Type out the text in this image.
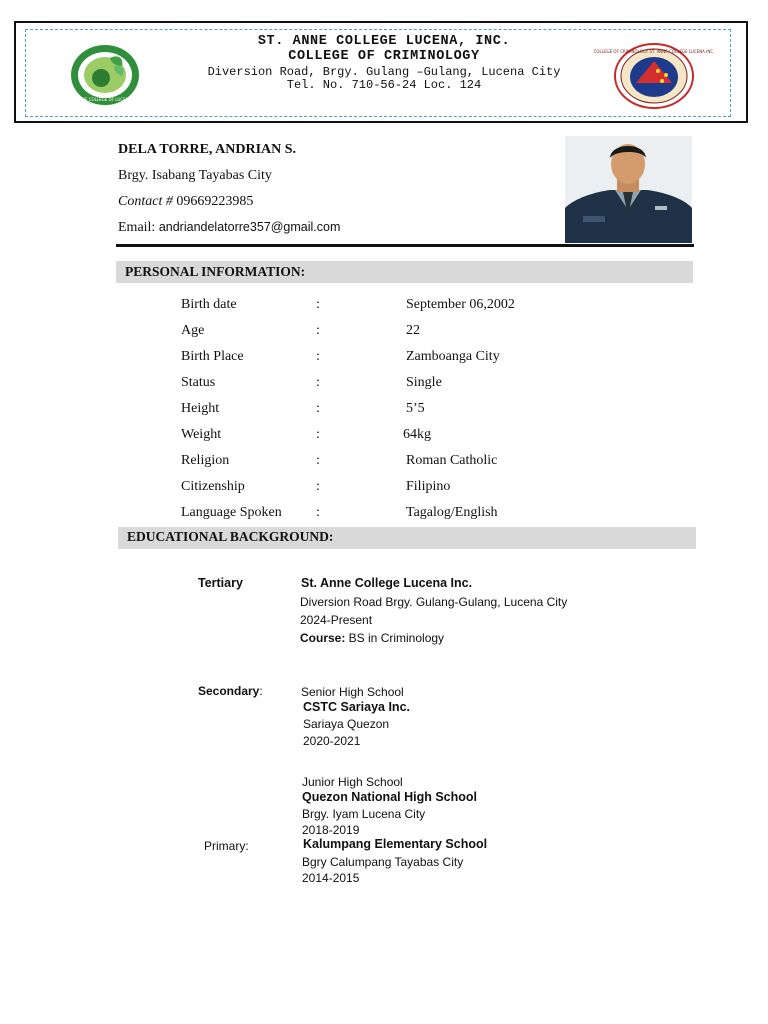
ST. ANNE COLLEGE OF LUCENA INC.
COLLEGE OF CRIMINOLOGY ST. ANNE COLLEGE LUCENA INC.
ST. ANNE COLLEGE LUCENA, INC.
COLLEGE OF CRIMINOLOGY
Diversion Road, Brgy. Gulang –Gulang, Lucena City
Tel. No. 710-56-24 Loc. 124
DELA TORRE, ANDRIAN S.
Brgy. Isabang Tayabas City
Contact # 09669223985
Email: andriandelatorre357@gmail.com
PERSONAL INFORMATION:
Birth date	:	September 06,2002
Age	:	22
Birth Place	:	Zamboanga City
Status	:	Single
Height	:	5’5
Weight	:	64kg
Religion	:	Roman Catholic
Citizenship	:	Filipino
Language Spoken :	Tagalog/English
EDUCATIONAL BACKGROUND:
Tertiary	St. Anne College Lucena Inc.
Diversion Road Brgy. Gulang-Gulang, Lucena City
2024-Present
Course: BS in Criminology
Secondary:	Senior High School
CSTC Sariaya Inc.
Sariaya Quezon
2020-2021
Junior High School
Quezon National High School
Brgy. Iyam Lucena City
2018-2019
Primary:	Kalumpang Elementary School
Bgry Calumpang Tayabas City
2014-2015
